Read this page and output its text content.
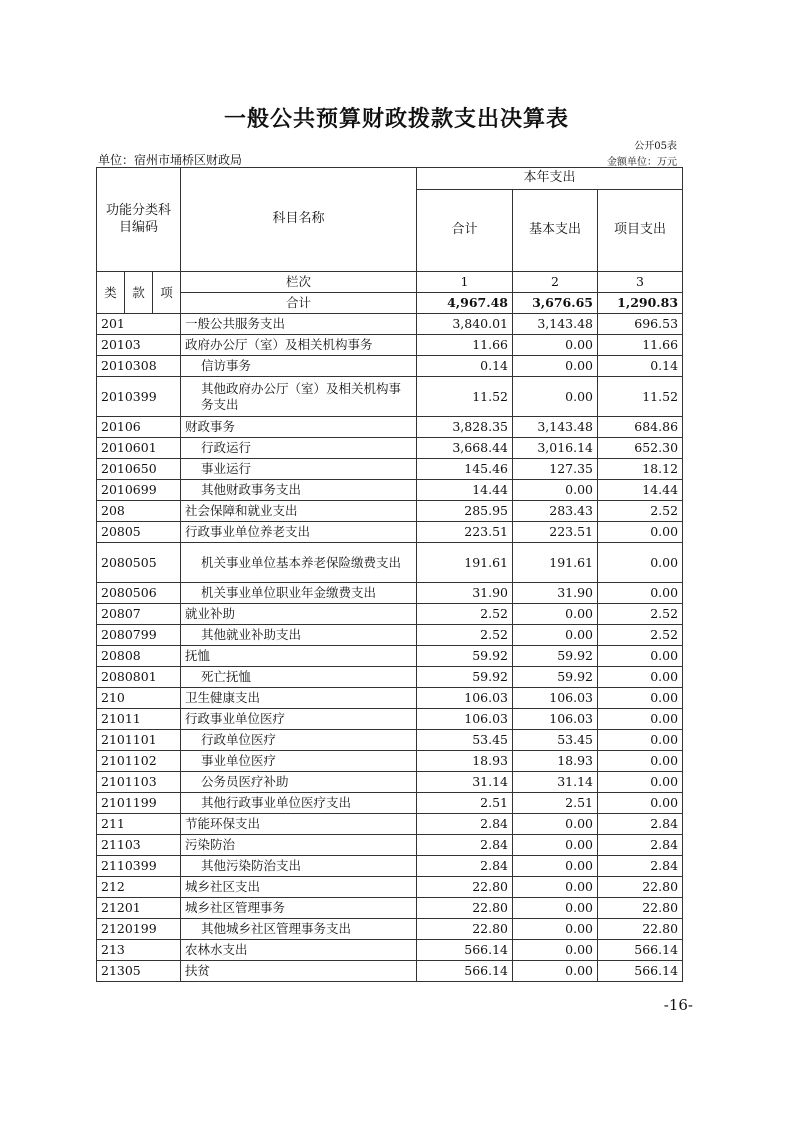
一般公共预算财政拨款支出决算表
公开05表
单位：宿州市埇桥区财政局	金额单位：万元
功能分类科目编码			科目名称	本年支出		
				合计	基本支出	项目支出
类	款	项	栏次	1	2	3
			合计	4,967.48	3,676.65	1,290.83
201			一般公共服务支出	3,840.01	3,143.48	696.53
20103			政府办公厅（室）及相关机构事务	11.66	0.00	11.66
2010308			信访事务	0.14	0.00	0.14
2010399			其他政府办公厅（室）及相关机构事务支出	11.52	0.00	11.52
20106			财政事务	3,828.35	3,143.48	684.86
2010601			行政运行	3,668.44	3,016.14	652.30
2010650			事业运行	145.46	127.35	18.12
2010699			其他财政事务支出	14.44	0.00	14.44
208			社会保障和就业支出	285.95	283.43	2.52
20805			行政事业单位养老支出	223.51	223.51	0.00
2080505			机关事业单位基本养老保险缴费支出	191.61	191.61	0.00
2080506			机关事业单位职业年金缴费支出	31.90	31.90	0.00
20807			就业补助	2.52	0.00	2.52
2080799			其他就业补助支出	2.52	0.00	2.52
20808			抚恤	59.92	59.92	0.00
2080801			死亡抚恤	59.92	59.92	0.00
210			卫生健康支出	106.03	106.03	0.00
21011			行政事业单位医疗	106.03	106.03	0.00
2101101			行政单位医疗	53.45	53.45	0.00
2101102			事业单位医疗	18.93	18.93	0.00
2101103			公务员医疗补助	31.14	31.14	0.00
2101199			其他行政事业单位医疗支出	2.51	2.51	0.00
211			节能环保支出	2.84	0.00	2.84
21103			污染防治	2.84	0.00	2.84
2110399			其他污染防治支出	2.84	0.00	2.84
212			城乡社区支出	22.80	0.00	22.80
21201			城乡社区管理事务	22.80	0.00	22.80
2120199			其他城乡社区管理事务支出	22.80	0.00	22.80
213			农林水支出	566.14	0.00	566.14
21305			扶贫	566.14	0.00	566.14
-16-
